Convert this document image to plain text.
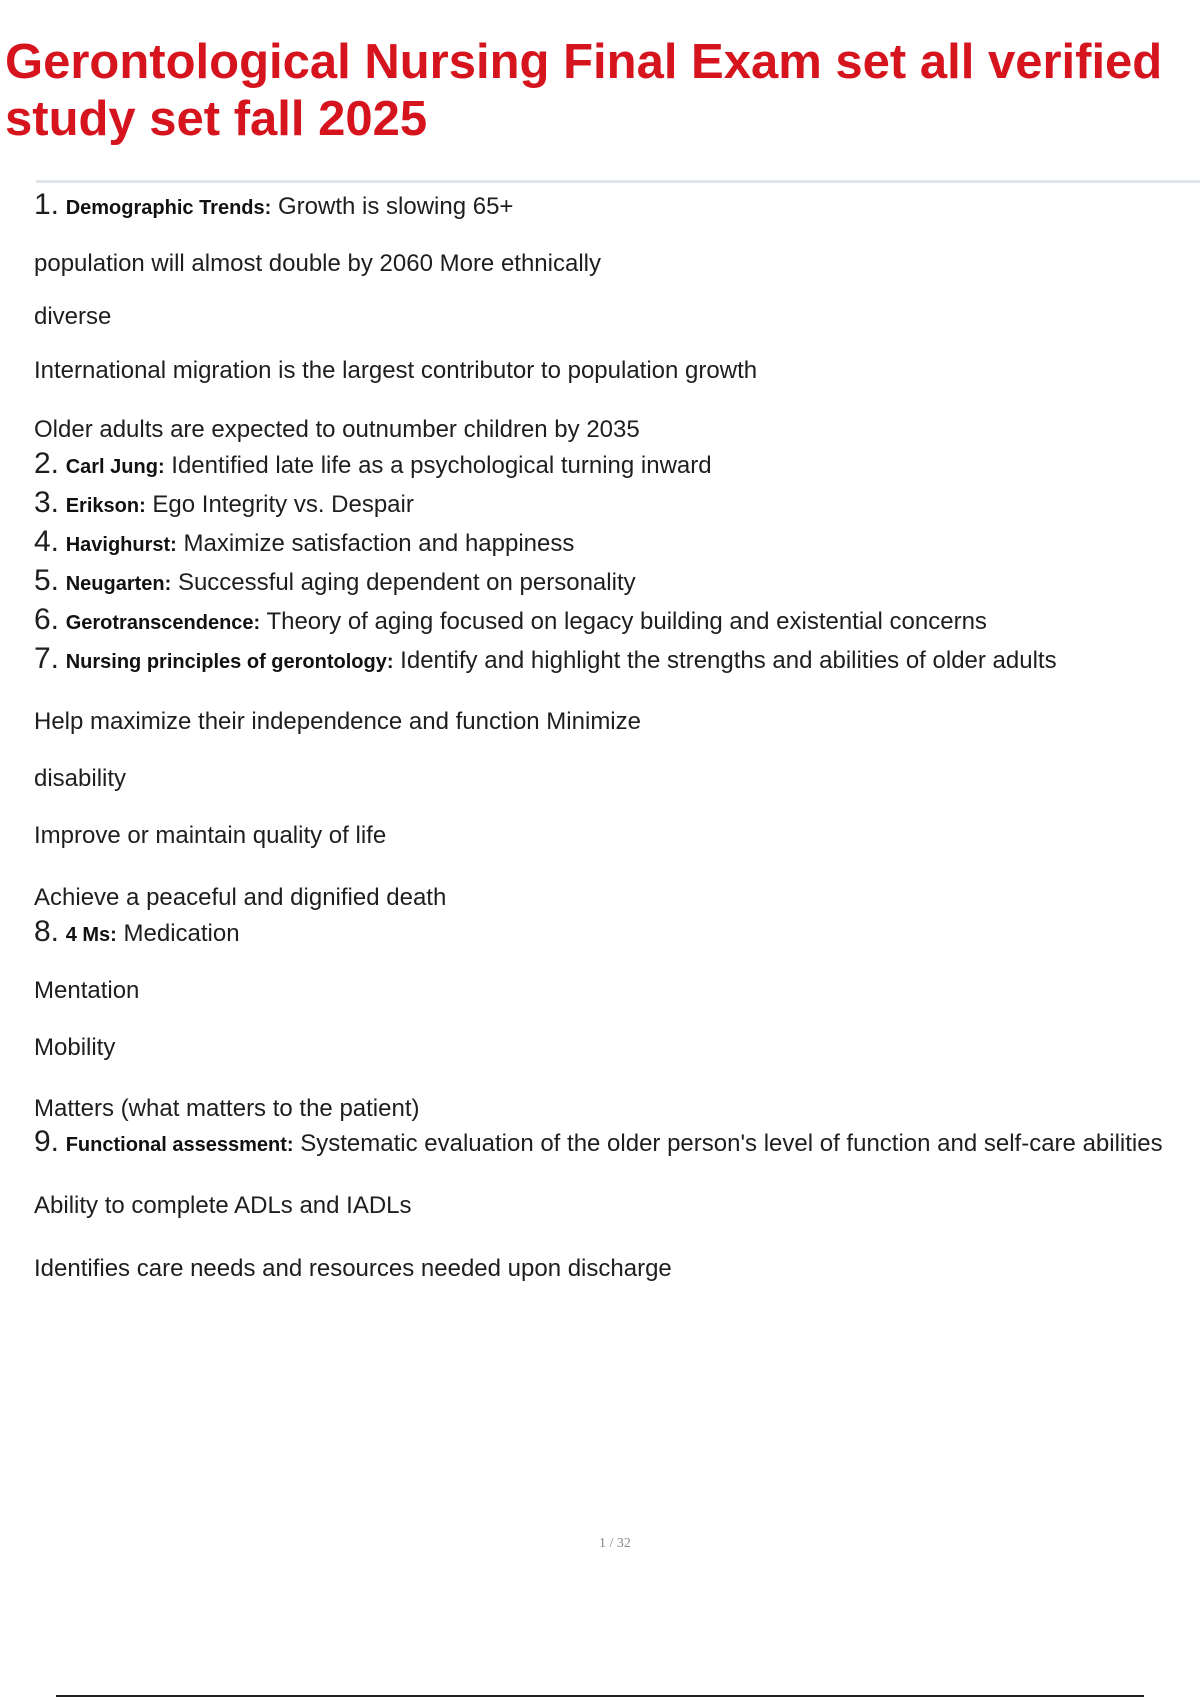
Gerontological Nursing Final Exam set all verified study set fall 2025

1. Demographic Trends: Growth is slowing 65+

population will almost double by 2060 More ethnically

diverse

International migration is the largest contributor to population growth

Older adults are expected to outnumber children by 2035

2. Carl Jung: Identified late life as a psychological turning inward

3. Erikson: Ego Integrity vs. Despair

4. Havighurst: Maximize satisfaction and happiness

5. Neugarten: Successful aging dependent on personality

6. Gerotranscendence: Theory of aging focused on legacy building and existential concerns

7. Nursing principles of gerontology: Identify and highlight the strengths and abilities of older adults

Help maximize their independence and function Minimize

disability

Improve or maintain quality of life

Achieve a peaceful and dignified death

8. 4 Ms: Medication

Mentation

Mobility

Matters (what matters to the patient)

9. Functional assessment: Systematic evaluation of the older person's level of function and self-care abilities

Ability to complete ADLs and IADLs

Identifies care needs and resources needed upon discharge

1 / 32
